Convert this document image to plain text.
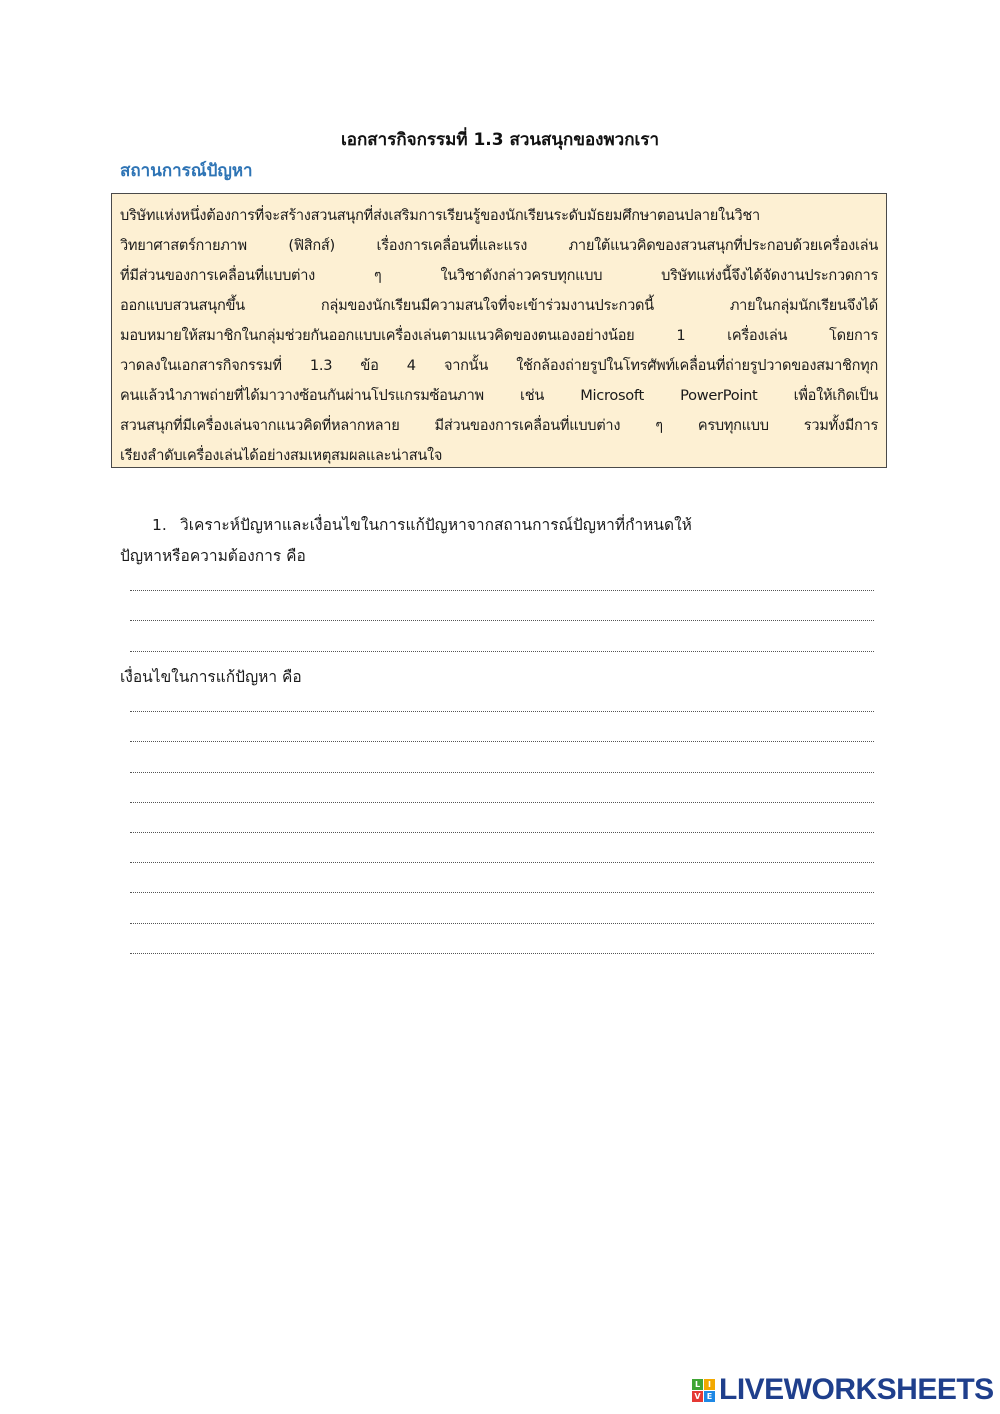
เอกสารกิจกรรมที่ 1.3 สวนสนุกของพวกเรา
สถานการณ์ปัญหา
บริษัทแห่งหนึ่งต้องการที่จะสร้างสวนสนุกที่ส่งเสริมการเรียนรู้ของนักเรียนระดับมัธยมศึกษาตอนปลายในวิชา
วิทยาศาสตร์กายภาพ (ฟิสิกส์) เรื่องการเคลื่อนที่และแรง ภายใต้แนวคิดของสวนสนุกที่ประกอบด้วยเครื่องเล่น
ที่มีส่วนของการเคลื่อนที่แบบต่าง ๆ ในวิชาดังกล่าวครบทุกแบบ บริษัทแห่งนี้จึงได้จัดงานประกวดการ
ออกแบบสวนสนุกขึ้น กลุ่มของนักเรียนมีความสนใจที่จะเข้าร่วมงานประกวดนี้ ภายในกลุ่มนักเรียนจึงได้
มอบหมายให้สมาชิกในกลุ่มช่วยกันออกแบบเครื่องเล่นตามแนวคิดของตนเองอย่างน้อย 1 เครื่องเล่น โดยการ
วาดลงในเอกสารกิจกรรมที่ 1.3 ข้อ 4 จากนั้น ใช้กล้องถ่ายรูปในโทรศัพท์เคลื่อนที่ถ่ายรูปวาดของสมาชิกทุก
คนแล้วนำภาพถ่ายที่ได้มาวางซ้อนกันผ่านโปรแกรมซ้อนภาพ เช่น Microsoft PowerPoint เพื่อให้เกิดเป็น
สวนสนุกที่มีเครื่องเล่นจากแนวคิดที่หลากหลาย มีส่วนของการเคลื่อนที่แบบต่าง ๆ ครบทุกแบบ รวมทั้งมีการ
เรียงลำดับเครื่องเล่นได้อย่างสมเหตุสมผลและน่าสนใจ
1. วิเคราะห์ปัญหาและเงื่อนไขในการแก้ปัญหาจากสถานการณ์ปัญหาที่กำหนดให้
ปัญหาหรือความต้องการ คือ
เงื่อนไขในการแก้ปัญหา คือ
L I
V E LIVEWORKSHEETS
